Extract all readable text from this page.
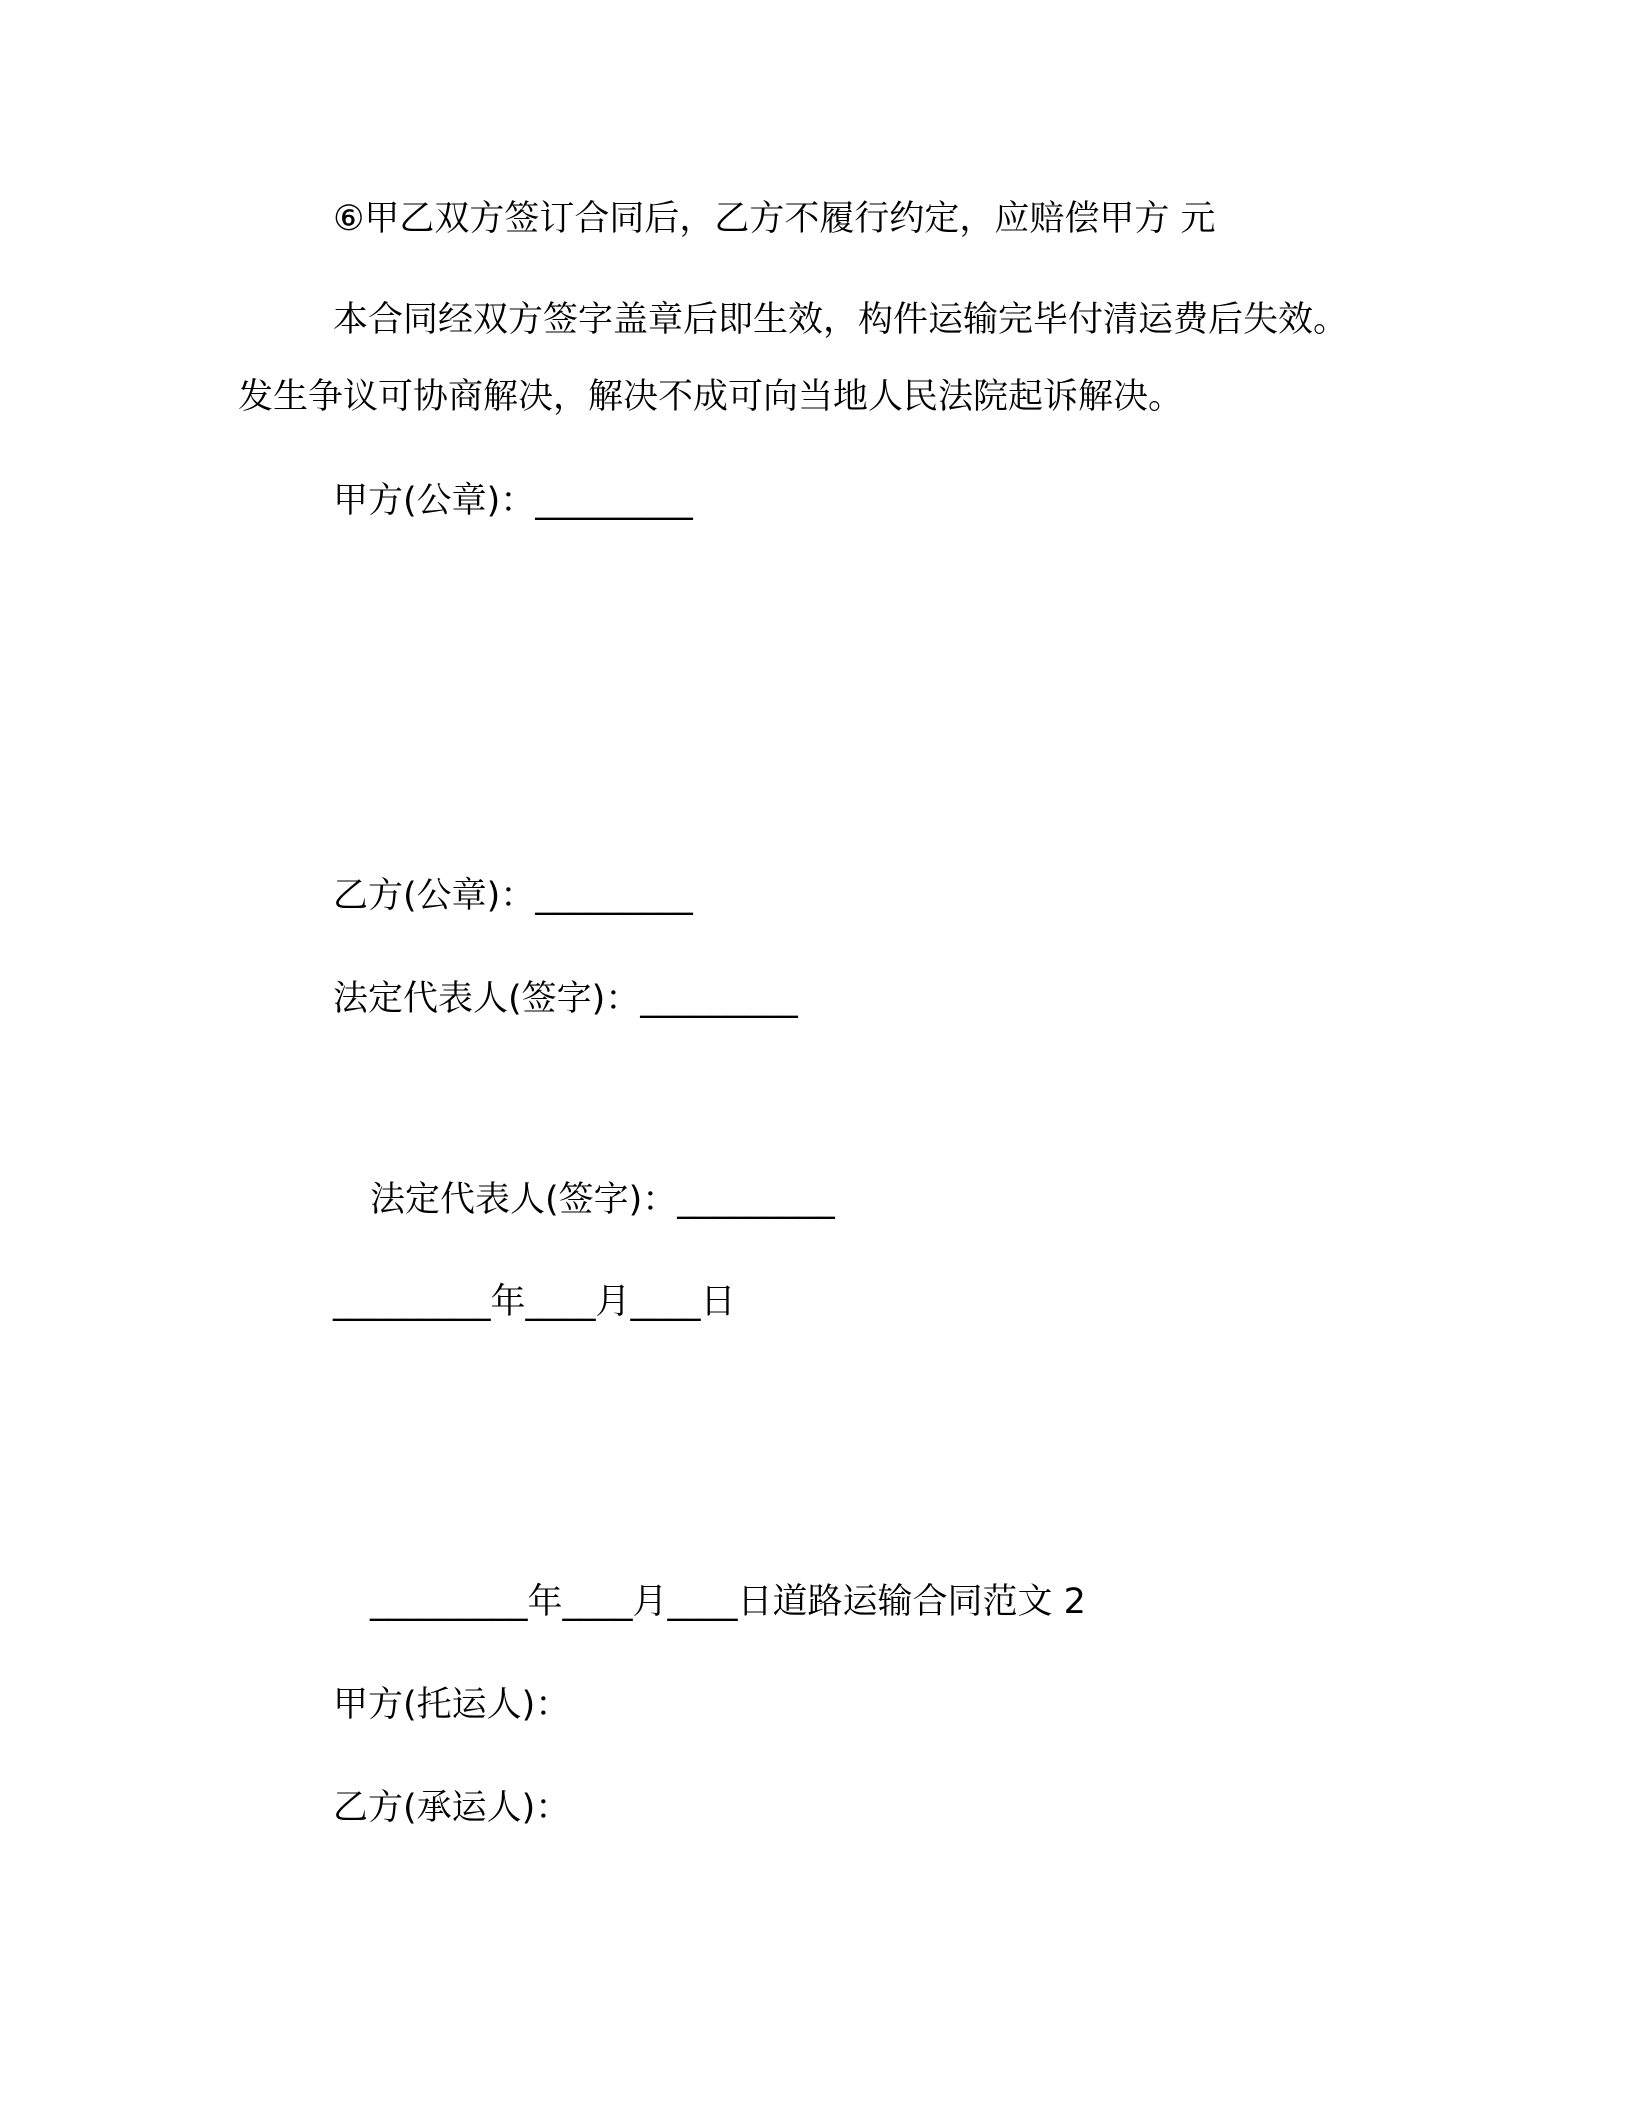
⑥甲乙双方签订合同后，乙方不履行约定，应赔偿甲方 元

本合同经双方签字盖章后即生效，构件运输完毕付清运费后失效。

发生争议可协商解决，解决不成可向当地人民法院起诉解决。

甲方(公章)：_________

乙方(公章)：_________

法定代表人(签字)：_________

法定代表人(签字)：_________

_________年____月____日

_________年____月____日道路运输合同范文 2

甲方(托运人)：

乙方(承运人)：
